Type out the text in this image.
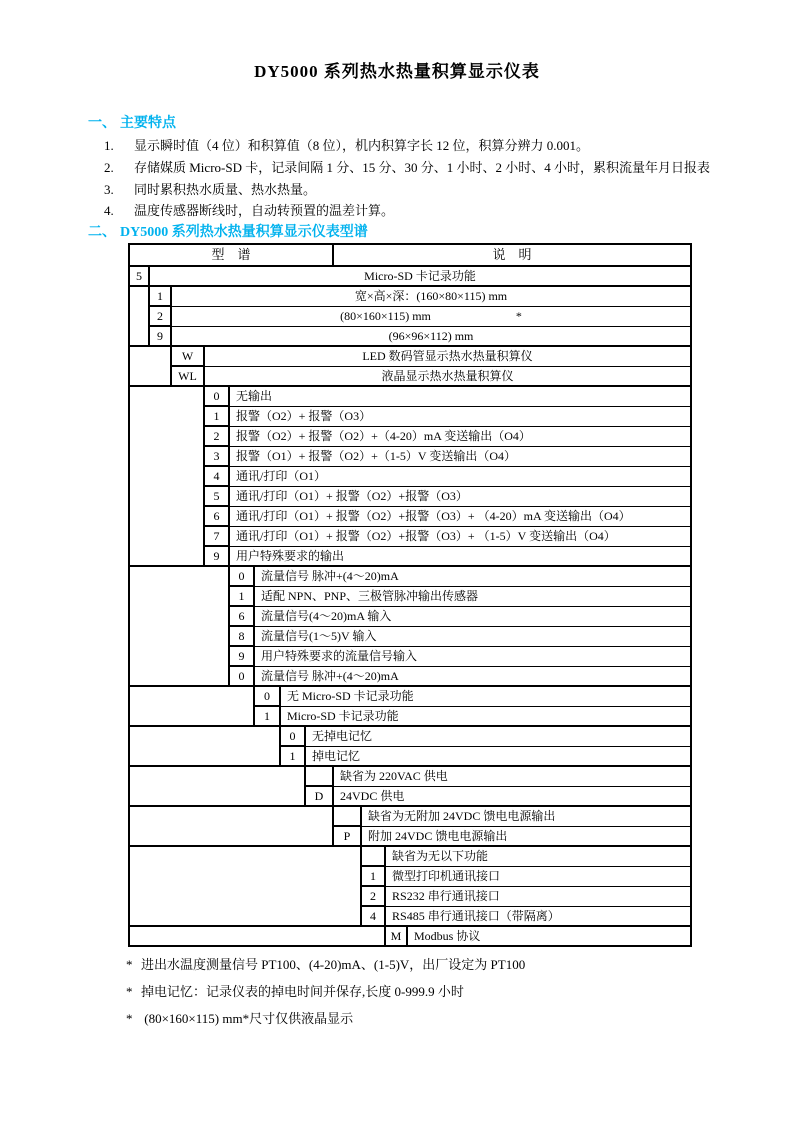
DY5000 系列热水热量积算显示仪表
一、 主要特点
1. 显示瞬时值（4 位）和积算值（8 位），机内积算字长 12 位，积算分辨力 0.001。
2. 存储媒质 Micro-SD 卡，记录间隔 1 分、15 分、30 分、1 小时、2 小时、4 小时，累积流量年月日报表
3. 同时累积热水质量、热水热量。
4. 温度传感器断线时，自动转预置的温差计算。
二、 DY5000 系列热水热量积算显示仪表型谱
型　谱								说　明			
5	Micro-SD 卡记录功能										
	1	宽×高×深：(160×80×115) mm									
	2	(80×160×115) mm *									
	9	(96×96×112) mm									
		W	LED 数码管显示热水热量积算仪								
		WL	液晶显示热水热量积算仪								
			0	无输出							
			1	报警（O2）+ 报警（O3）							
			2	报警（O2）+ 报警（O2）+（4-20）mA 变送输出（O4）							
			3	报警（O1）+ 报警（O2）+（1-5）V 变送输出（O4）							
			4	通讯/打印（O1）							
			5	通讯/打印（O1）+ 报警（O2）+报警（O3）							
			6	通讯/打印（O1）+ 报警（O2）+报警（O3）+ （4-20）mA 变送输出（O4）							
			7	通讯/打印（O1）+ 报警（O2）+报警（O3）+ （1-5）V 变送输出（O4）							
			9	用户特殊要求的输出							
				0	流量信号 脉冲+(4～20)mA						
				1	适配 NPN、PNP、三极管脉冲输出传感器						
				6	流量信号(4～20)mA 输入						
				8	流量信号(1～5)V 输入						
				9	用户特殊要求的流量信号输入						
				0	流量信号 脉冲+(4～20)mA						
					0	无 Micro-SD 卡记录功能					
					1	Micro-SD 卡记录功能					
						0	无掉电记忆				
						1	掉电记忆				
								缺省为 220VAC 供电			
							D	24VDC 供电			
									缺省为无附加 24VDC 馈电电源输出		
								P	附加 24VDC 馈电电源输出		
										缺省为无以下功能	
									1	微型打印机通讯接口	
									2	RS232 串行通讯接口	
									4	RS485 串行通讯接口（带隔离）	
										M	Modbus 协议
* 进出水温度测量信号 PT100、(4-20)mA、(1-5)V，出厂设定为 PT100
* 掉电记忆：记录仪表的掉电时间并保存,长度 0-999.9 小时
* (80×160×115) mm*尺寸仅供液晶显示
